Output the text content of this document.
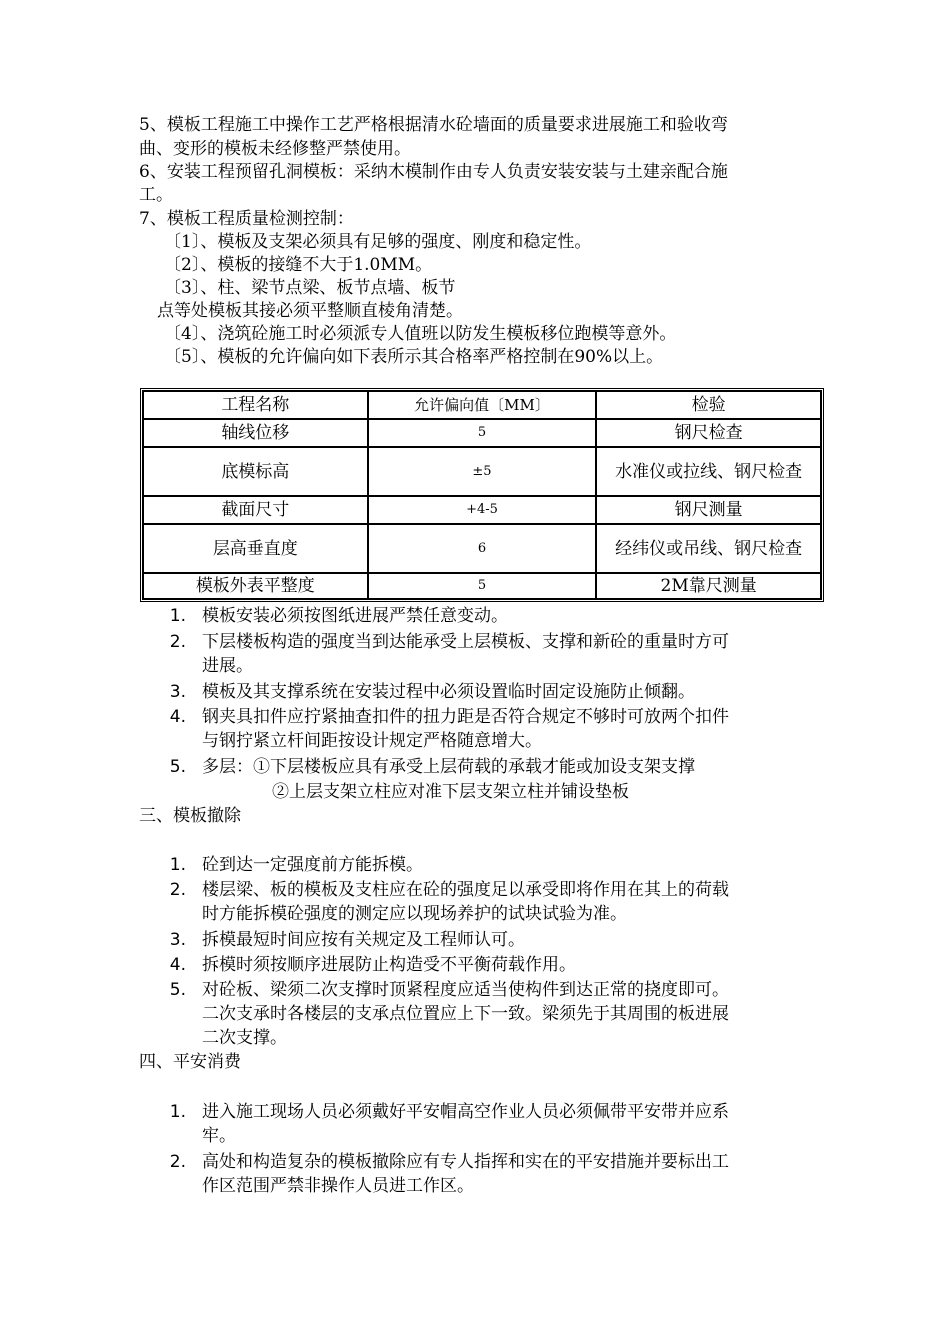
5、模板工程施工中操作工艺严格根据清水砼墙面的质量要求进展施工和验收弯
曲、变形的模板未经修整严禁使用。
6、安装工程预留孔洞模板：采纳木模制作由专人负责安装安装与土建亲配合施
工。
7、模板工程质量检测控制：
〔1〕、模板及支架必须具有足够的强度、刚度和稳定性。
〔2〕、模板的接缝不大于1.0MM。
〔3〕、柱、梁节点梁、板节点墙、板节
点等处模板其接必须平整顺直棱角清楚。
〔4〕、浇筑砼施工时必须派专人值班以防发生模板移位跑模等意外。
〔5〕、模板的允许偏向如下表所示其合格率严格控制在90%以上。
工程名称	允许偏向值〔MM〕	检验
轴线位移	5	钢尺检查
底模标高	±5	水准仪或拉线、钢尺检查
截面尺寸	+4-5	钢尺测量
层高垂直度	6	经纬仪或吊线、钢尺检查
模板外表平整度	5	2M靠尺测量
1. 模板安装必须按图纸进展严禁任意变动。
2. 下层楼板构造的强度当到达能承受上层模板、支撑和新砼的重量时方可
进展。
3. 模板及其支撑系统在安装过程中必须设置临时固定设施防止倾翻。
4. 钢夹具扣件应拧紧抽查扣件的扭力距是否符合规定不够时可放两个扣件
与钢拧紧立杆间距按设计规定严格随意增大。
5. 多层：①下层楼板应具有承受上层荷载的承载才能或加设支架支撑
②上层支架立柱应对准下层支架立柱并铺设垫板
三、模板撤除
1. 砼到达一定强度前方能拆模。
2. 楼层梁、板的模板及支柱应在砼的强度足以承受即将作用在其上的荷载
时方能拆模砼强度的测定应以现场养护的试块试验为准。
3. 拆模最短时间应按有关规定及工程师认可。
4. 拆模时须按顺序进展防止构造受不平衡荷载作用。
5. 对砼板、梁须二次支撑时顶紧程度应适当使构件到达正常的挠度即可。
二次支承时各楼层的支承点位置应上下一致。梁须先于其周围的板进展
二次支撑。
四、平安消费
1. 进入施工现场人员必须戴好平安帽高空作业人员必须佩带平安带并应系
牢。
2. 高处和构造复杂的模板撤除应有专人指挥和实在的平安措施并要标出工
作区范围严禁非操作人员进工作区。
